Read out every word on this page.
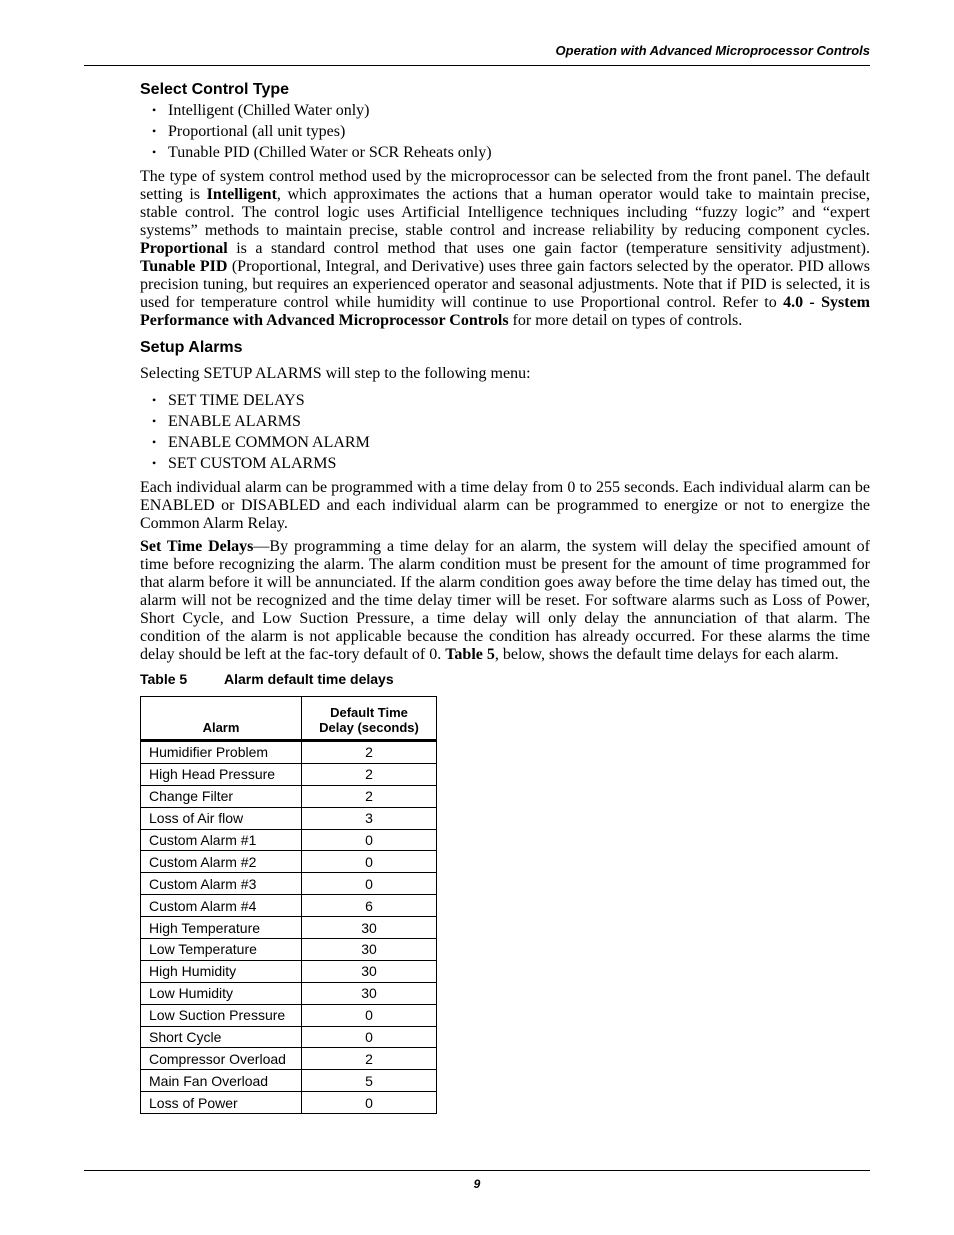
Operation with Advanced Microprocessor Controls
Select Control Type
• Intelligent (Chilled Water only)
• Proportional (all unit types)
• Tunable PID (Chilled Water or SCR Reheats only)

The type of system control method used by the microprocessor can be selected from the front panel. The default setting is Intelligent, which approximates the actions that a human operator would take to maintain precise, stable control. The control logic uses Artificial Intelligence techniques including “fuzzy logic” and “expert systems” methods to maintain precise, stable control and increase reliability by reducing component cycles. Proportional is a standard control method that uses one gain factor (temperature sensitivity adjustment). Tunable PID (Proportional, Integral, and Derivative) uses three gain factors selected by the operator. PID allows precision tuning, but requires an experienced operator and seasonal adjustments. Note that if PID is selected, it is used for temperature control while humidity will continue to use Proportional control. Refer to 4.0 - System Performance with Advanced Microprocessor Controls for more detail on types of controls.

Setup Alarms

Selecting SETUP ALARMS will step to the following menu:

• SET TIME DELAYS
• ENABLE ALARMS
• ENABLE COMMON ALARM
• SET CUSTOM ALARMS

Each individual alarm can be programmed with a time delay from 0 to 255 seconds. Each individual alarm can be ENABLED or DISABLED and each individual alarm can be programmed to energize or not to energize the Common Alarm Relay.

Set Time Delays—By programming a time delay for an alarm, the system will delay the specified amount of time before recognizing the alarm. The alarm condition must be present for the amount of time programmed for that alarm before it will be annunciated. If the alarm condition goes away before the time delay has timed out, the alarm will not be recognized and the time delay timer will be reset. For software alarms such as Loss of Power, Short Cycle, and Low Suction Pressure, a time delay will only delay the annunciation of that alarm. The condition of the alarm is not applicable because the condition has already occurred. For these alarms the time delay should be left at the fac-tory default of 0. Table 5, below, shows the default time delays for each alarm.

Table 5	Alarm default time delays
Alarm	Default Time
Delay (seconds)
Humidifier Problem	2
High Head Pressure	2
Change Filter	2
Loss of Air flow	3
Custom Alarm #1	0
Custom Alarm #2	0
Custom Alarm #3	0
Custom Alarm #4	6
High Temperature	30
Low Temperature	30
High Humidity	30
Low Humidity	30
Low Suction Pressure	0
Short Cycle	0
Compressor Overload	2
Main Fan Overload	5
Loss of Power	0
9
